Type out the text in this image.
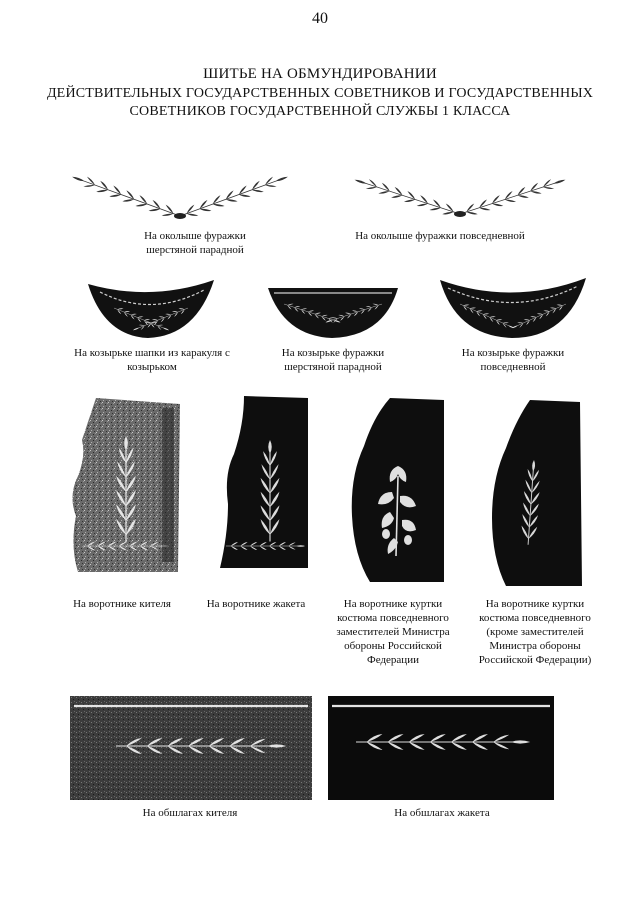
40
ШИТЬЕ НА ОБМУНДИРОВАНИИ
ДЕЙСТВИТЕЛЬНЫХ ГОСУДАРСТВЕННЫХ СОВЕТНИКОВ И ГОСУДАРСТВЕННЫХ
СОВЕТНИКОВ ГОСУДАРСТВЕННОЙ СЛУЖБЫ 1 КЛАССА
На околыше фуражки
шерстяной парадной
На околыше фуражки повседневной
На козырьке шапки из каракуля с
козырьком
На козырьке фуражки
шерстяной парадной
На козырьке фуражки
повседневной
На воротнике кителя	На воротнике жакета	На воротнике куртки
костюма повседневного
заместителей Министра
обороны Российской
Федерации
На воротнике куртки
костюма повседневного
(кроме заместителей
Министра обороны
Российской Федерации)
На обшлагах кителя	На обшлагах жакета
